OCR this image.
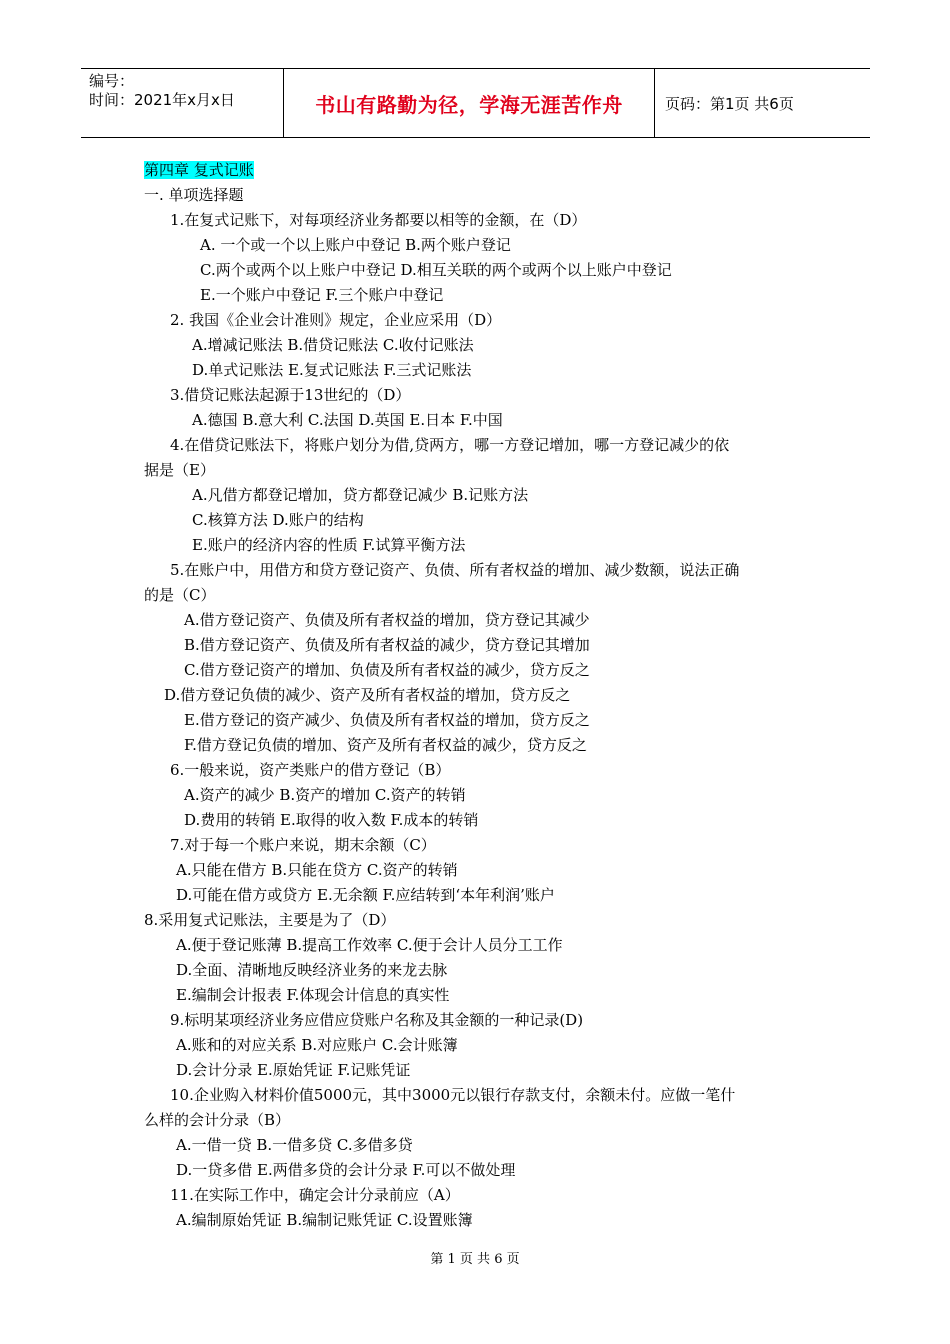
编号：
时间：2021年x月x日	书山有路勤为径，学海无涯苦作舟	页码：第1页 共6页
第四章 复式记账
一. 单项选择题
1.在复式记账下，对每项经济业务都要以相等的金额，在（D）
A. 一个或一个以上账户中登记 B.两个账户登记
C.两个或两个以上账户中登记 D.相互关联的两个或两个以上账户中登记
E.一个账户中登记 F.三个账户中登记
2. 我国《企业会计准则》规定，企业应采用（D）
A.增减记账法 B.借贷记账法 C.收付记账法
D.单式记账法 E.复式记账法 F.三式记账法
3.借贷记账法起源于13世纪的（D）
A.德国 B.意大利 C.法国 D.英国 E.日本 F.中国
4.在借贷记账法下，将账户划分为借,贷两方，哪一方登记增加，哪一方登记减少的依
据是（E）
A.凡借方都登记增加，贷方都登记减少 B.记账方法
C.核算方法 D.账户的结构
E.账户的经济内容的性质 F.试算平衡方法
5.在账户中，用借方和贷方登记资产、负债、所有者权益的增加、减少数额，说法正确
的是（C）
A.借方登记资产、负债及所有者权益的增加，贷方登记其减少
B.借方登记资产、负债及所有者权益的减少，贷方登记其增加
C.借方登记资产的增加、负债及所有者权益的减少，贷方反之
D.借方登记负债的减少、资产及所有者权益的增加，贷方反之
E.借方登记的资产减少、负债及所有者权益的增加，贷方反之
F.借方登记负债的增加、资产及所有者权益的减少，贷方反之
6.一般来说，资产类账户的借方登记（B）
A.资产的减少 B.资产的增加 C.资产的转销
D.费用的转销 E.取得的收入数 F.成本的转销
7.对于每一个账户来说，期末余额（C）
A.只能在借方 B.只能在贷方 C.资产的转销
D.可能在借方或贷方 E.无余额 F.应结转到‘本年利润’账户
8.采用复式记账法，主要是为了（D）
A.便于登记账薄 B.提高工作效率 C.便于会计人员分工工作
D.全面、清晰地反映经济业务的来龙去脉
E.编制会计报表 F.体现会计信息的真实性
9.标明某项经济业务应借应贷账户名称及其金额的一种记录(D)
A.账和的对应关系 B.对应账户 C.会计账簿
D.会计分录 E.原始凭证 F.记账凭证
10.企业购入材料价值5000元，其中3000元以银行存款支付，余额未付。应做一笔什
么样的会计分录（B）
A.一借一贷 B.一借多贷 C.多借多贷
D.一贷多借 E.两借多贷的会计分录 F.可以不做处理
11.在实际工作中，确定会计分录前应（A）
A.编制原始凭证 B.编制记账凭证 C.设置账簿
第 1 页 共 6 页
